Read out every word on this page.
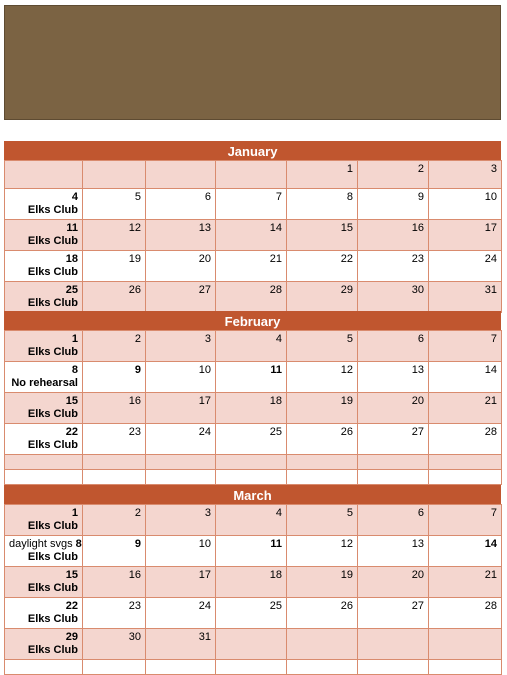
January

				1	2	3

4
Elks Club	5	6	7	8	9	10

11
Elks Club	12	13	14	15	16	17

18
Elks Club	19	20	21	22	23	24

25
Elks Club	26	27	28	29	30	31
February
1
Elks Club	2	3	4	5	6	7

8
No rehearsal	9	10	11	12	13	14

15
Elks Club	16	17	18	19	20	21

22
Elks Club	23	24	25	26	27	28

March
1
Elks Club	2	3	4	5	6	7

daylight svgs 8
Elks Club	9	10	11	12	13	14

15
Elks Club	16	17	18	19	20	21

22
Elks Club	23	24	25	26	27	28

29
Elks Club	30	31				
